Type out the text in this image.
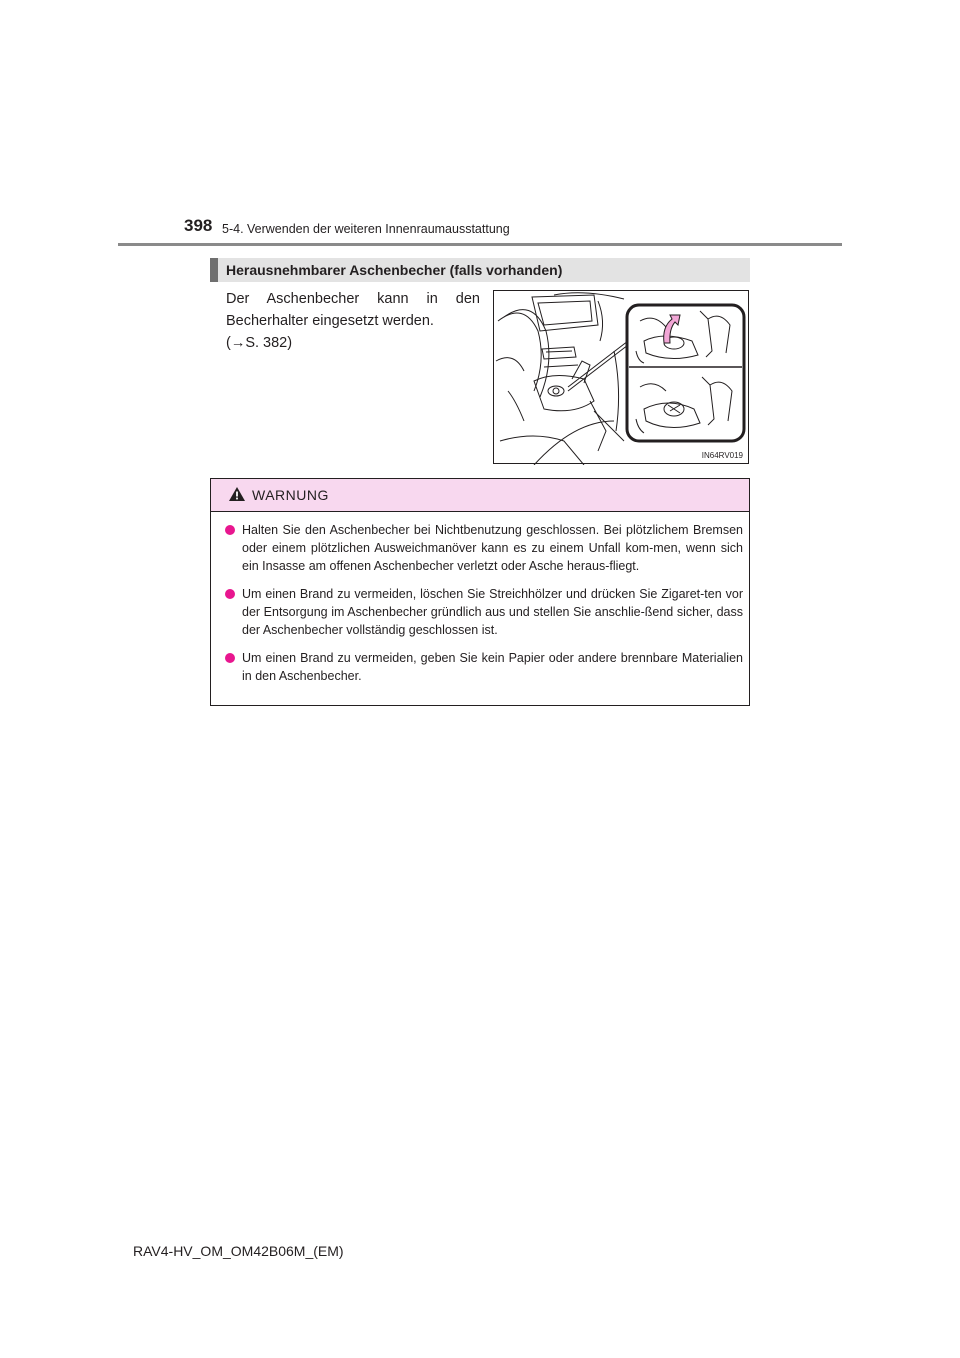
398 5-4. Verwenden der weiteren Innenraumausstattung
Herausnehmbarer Aschenbecher (falls vorhanden)
Der Aschenbecher kann in den
Becherhalter eingesetzt werden.
(→S. 382)
IN64RV019
WARNUNG
Halten Sie den Aschenbecher bei Nichtbenutzung geschlossen. Bei plötzlichem Bremsen oder einem plötzlichen Ausweichmanöver kann es zu einem Unfall kom-men, wenn sich ein Insasse am offenen Aschenbecher verletzt oder Asche heraus-fliegt.
Um einen Brand zu vermeiden, löschen Sie Streichhölzer und drücken Sie Zigaret-ten vor der Entsorgung im Aschenbecher gründlich aus und stellen Sie anschlie-ßend sicher, dass der Aschenbecher vollständig geschlossen ist.
Um einen Brand zu vermeiden, geben Sie kein Papier oder andere brennbare Materialien in den Aschenbecher.
RAV4-HV_OM_OM42B06M_(EM)
